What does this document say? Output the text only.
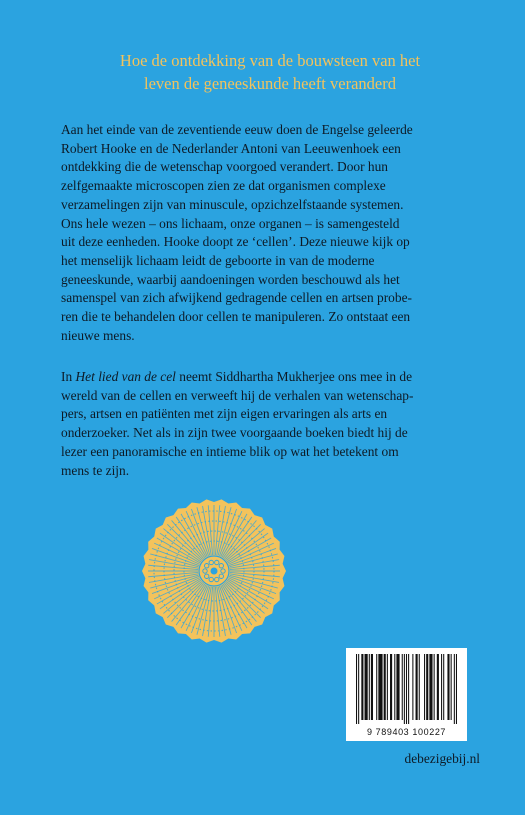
Hoe de ontdekking van de bouwsteen van het
leven de geneeskunde heeft veranderd
Aan het einde van de zeventiende eeuw doen de Engelse geleerde
Robert Hooke en de Nederlander Antoni van Leeuwenhoek een
ontdekking die de wetenschap voorgoed verandert. Door hun
zelfgemaakte microscopen zien ze dat organismen complexe
verzamelingen zijn van minuscule, opzichzelfstaande systemen.
Ons hele wezen – ons lichaam, onze organen – is samengesteld
uit deze eenheden. Hooke doopt ze ‘cellen’. Deze nieuwe kijk op
het menselijk lichaam leidt de geboorte in van de moderne
geneeskunde, waarbij aandoeningen worden beschouwd als het
samenspel van zich afwijkend gedragende cellen en artsen probe-
ren die te behandelen door cellen te manipuleren. Zo ontstaat een
nieuwe mens.
In Het lied van de cel neemt Siddhartha Mukherjee ons mee in de
wereld van de cellen en verweeft hij de verhalen van wetenschap-
pers, artsen en patiënten met zijn eigen ervaringen als arts en
onderzoeker. Net als in zijn twee voorgaande boeken biedt hij de
lezer een panoramische en intieme blik op wat het betekent om
mens te zijn.
9 789403 100227
debezigebij.nl
